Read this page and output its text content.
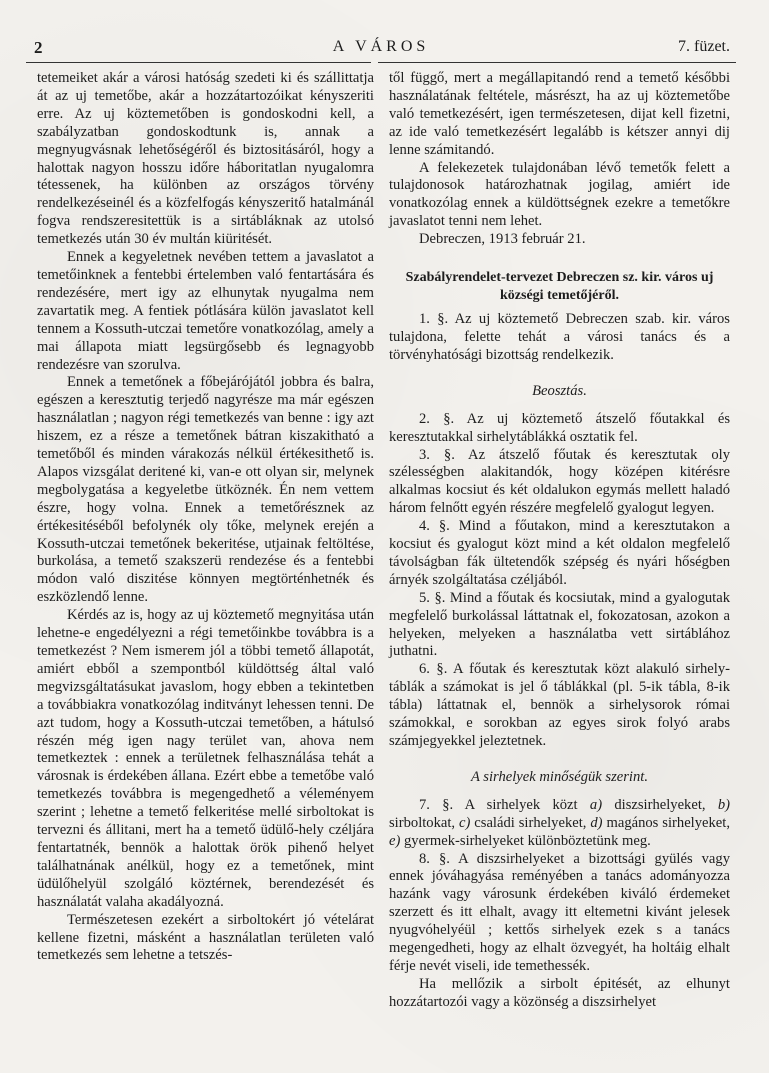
2	A VÁROS	7. füzet.

tetemeiket akár a városi hatóság szedeti ki és szállittatja át az uj temetőbe, akár a hozzátartozóikat kényszeriti erre. Az uj köztemetőben is gondoskodni kell, a szabályzatban gondoskodtunk is, annak a megnyugvásnak lehetőségéről és biztositásáról, hogy a halottak nagyon hosszu időre háboritatlan nyugalomra tétessenek, ha különben az országos törvény rendelkezéseinél és a közfelfogás kényszeritő hatalmánál fogva rendszeresitettük is a sirtábláknak az utolsó temetkezés után 30 év multán kiüritését.

Ennek a kegyeletnek nevében tettem a javaslatot a temetőinknek a fentebbi értelemben való fentartására és rendezésére, mert igy az elhunytak nyugalma nem zavartatik meg. A fentiek pótlására külön javaslatot kell tennem a Kossuth-utczai temetőre vonatkozólag, amely a mai állapota miatt legsürgősebb és legnagyobb rendezésre van szorulva.

Ennek a temetőnek a főbejárójától jobbra és balra, egészen a keresztutig terjedő nagyrésze ma már egészen használatlan ; nagyon régi temetkezés van benne : igy azt hiszem, ez a része a temetőnek bátran kiszakitható a temetőből és minden várakozás nélkül értékesithető is. Alapos vizsgálat deritené ki, van-e ott olyan sir, melynek megbolygatása a kegyeletbe ütköznék. Én nem vettem észre, hogy volna. Ennek a temetőrésznek az értékesitéséből befolynék oly tőke, melynek erején a Kossuth-utczai temetőnek bekeritése, utjainak feltöltése, burkolása, a temető szakszerü rendezése és a fentebbi módon való diszitése könnyen megtörténhetnék és eszközlendő lenne.

Kérdés az is, hogy az uj köztemető megnyitása után lehetne-e engedélyezni a régi temetőinkbe továbbra is a temetkezést ? Nem ismerem jól a többi temető állapotát, amiért ebből a szempontból küldöttség által való megvizsgáltatásukat javaslom, hogy ebben a tekintetben a továbbiakra vonatkozólag inditványt lehessen tenni. De azt tudom, hogy a Kossuth-utczai temetőben, a hátulsó részén még igen nagy terület van, ahova nem temetkeztek : ennek a területnek felhasználása tehát a városnak is érdekében állana. Ezért ebbe a temetőbe való temetkezés továbbra is megengedhető a véleményem szerint ; lehetne a temető felkeritése mellé sirboltokat is tervezni és állitani, mert ha a temető üdülő-hely czéljára fentartatnék, bennök a halottak örök pihenő helyet találhatnának anélkül, hogy ez a temetőnek, mint üdülőhelyül szolgáló köztérnek, berendezését és használatát valaha akadályozná.

Természetesen ezekért a sirboltokért jó vételárat kellene fizetni, másként a használatlan területen való temetkezés sem lehetne a tetszés-

től függő, mert a megállapitandó rend a temető későbbi használatának feltétele, másrészt, ha az uj köztemetőbe való temetkezésért, igen természetesen, dijat kell fizetni, az ide való temetkezésért legalább is kétszer annyi dij lenne számitandó.

A felekezetek tulajdonában lévő temetők felett a tulajdonosok határozhatnak jogilag, amiért ide vonatkozólag ennek a küldöttségnek ezekre a temetőkre javaslatot tenni nem lehet.

Debreczen, 1913 február 21.

Szabályrendelet-tervezet Debreczen sz. kir. város uj községi temetőjéről.

1. §. Az uj köztemető Debreczen szab. kir. város tulajdona, felette tehát a városi tanács és a törvényhatósági bizottság rendelkezik.

Beosztás.

2. §. Az uj köztemető átszelő főutakkal és keresztutakkal sirhelytáblákká osztatik fel.

3. §. Az átszelő főutak és keresztutak oly szélességben alakitandók, hogy középen kitérésre alkalmas kocsiut és két oldalukon egymás mellett haladó három felnőtt egyén részére megfelelő gyalogut legyen.

4. §. Mind a főutakon, mind a keresztutakon a kocsiut és gyalogut közt mind a két oldalon megfelelő távolságban fák ültetendők szépség és nyári hőségben árnyék szolgáltatása czéljából.

5. §. Mind a főutak és kocsiutak, mind a gyalogutak megfelelő burkolással láttatnak el, fokozatosan, azokon a helyeken, melyeken a használatba vett sirtáblához juthatni.

6. §. A főutak és keresztutak közt alakuló sirhely-táblák a számokat is jel ő táblákkal (pl. 5-ik tábla, 8-ik tábla) láttatnak el, bennök a sirhelysorok római számokkal, e sorokban az egyes sirok folyó arabs számjegyekkel jeleztetnek.

A sirhelyek minőségük szerint.

7. §. A sirhelyek közt a) diszsirhelyeket, b) sirboltokat, c) családi sirhelyeket, d) magános sirhelyeket, e) gyermek-sirhelyeket különböztetünk meg.

8. §. A diszsirhelyeket a bizottsági gyülés vagy ennek jóváhagyása reményében a tanács adományozza hazánk vagy városunk érdekében kiváló érdemeket szerzett és itt elhalt, avagy itt eltemetni kivánt jelesek nyugvóhelyéül ; kettős sirhelyek ezek s a tanács megengedheti, hogy az elhalt özvegyét, ha holtáig elhalt férje nevét viseli, ide temethessék.

Ha mellőzik a sirbolt épitését, az elhunyt hozzátartozói vagy a közönség a diszsirhelyet
